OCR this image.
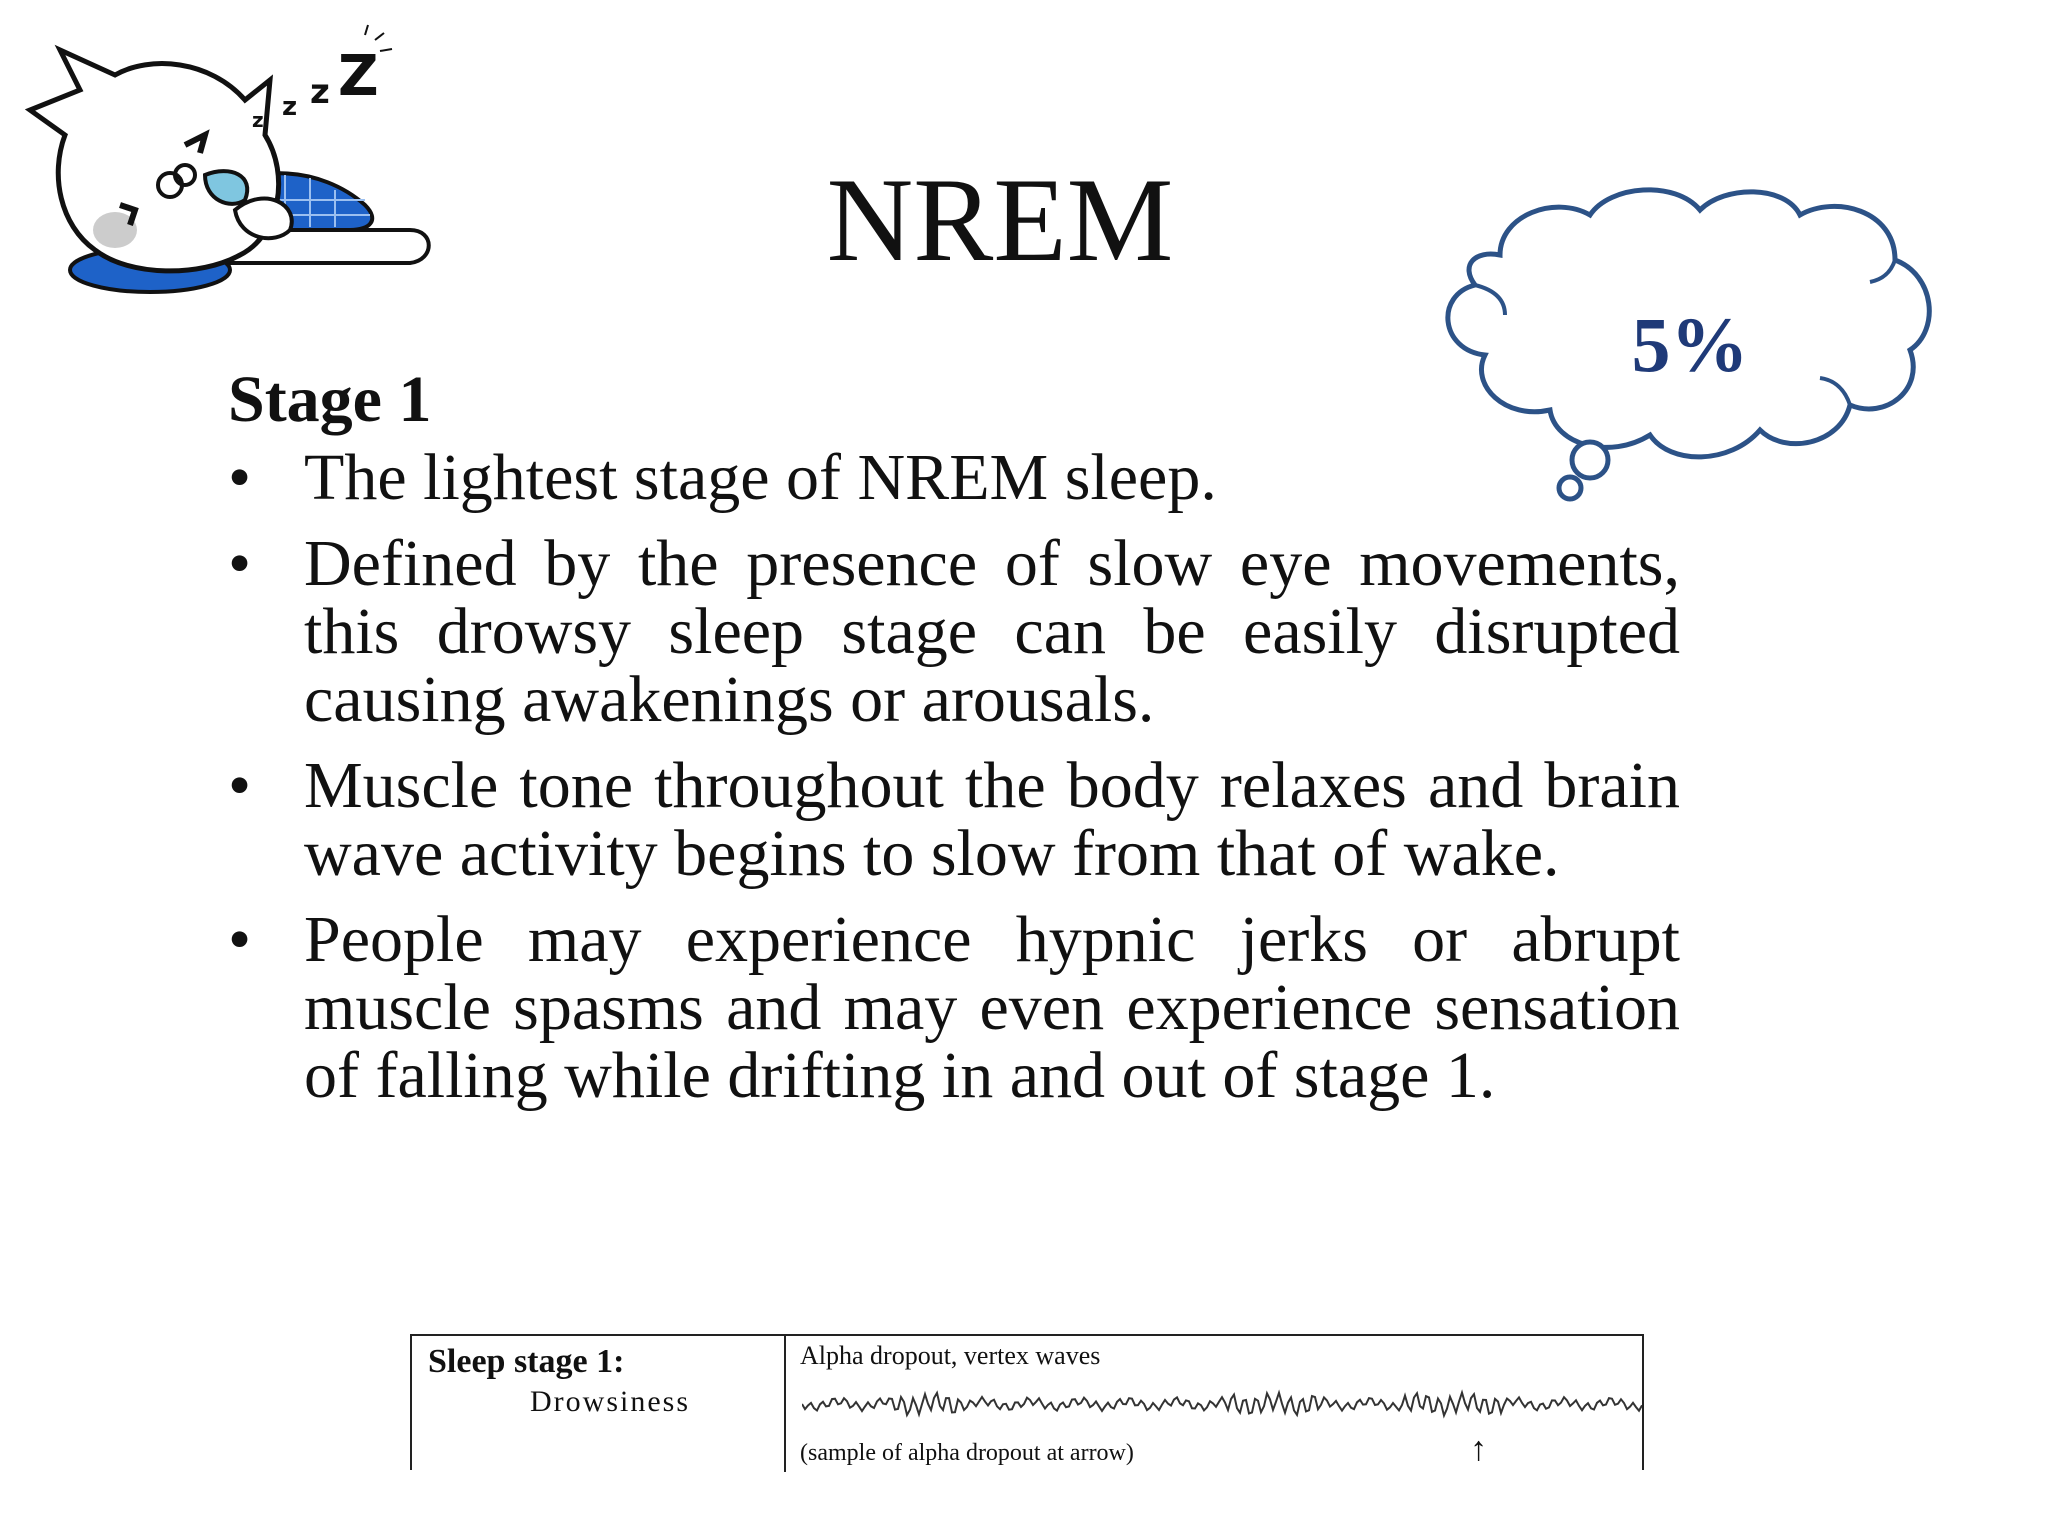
z z z Z
NREM
5%
Stage 1
• The lightest stage of NREM sleep.
• Defined by the presence of slow eye movements, this drowsy sleep stage can be easily disrupted causing awakenings or arousals.
• Muscle tone throughout the body relaxes and brain wave activity begins to slow from that of wake.
• People may experience hypnic jerks or abrupt muscle spasms and may even experience sensation of falling while drifting in and out of stage 1.
Sleep stage 1:
Drowsiness
Alpha dropout, vertex waves
(sample of alpha dropout at arrow)	↑
